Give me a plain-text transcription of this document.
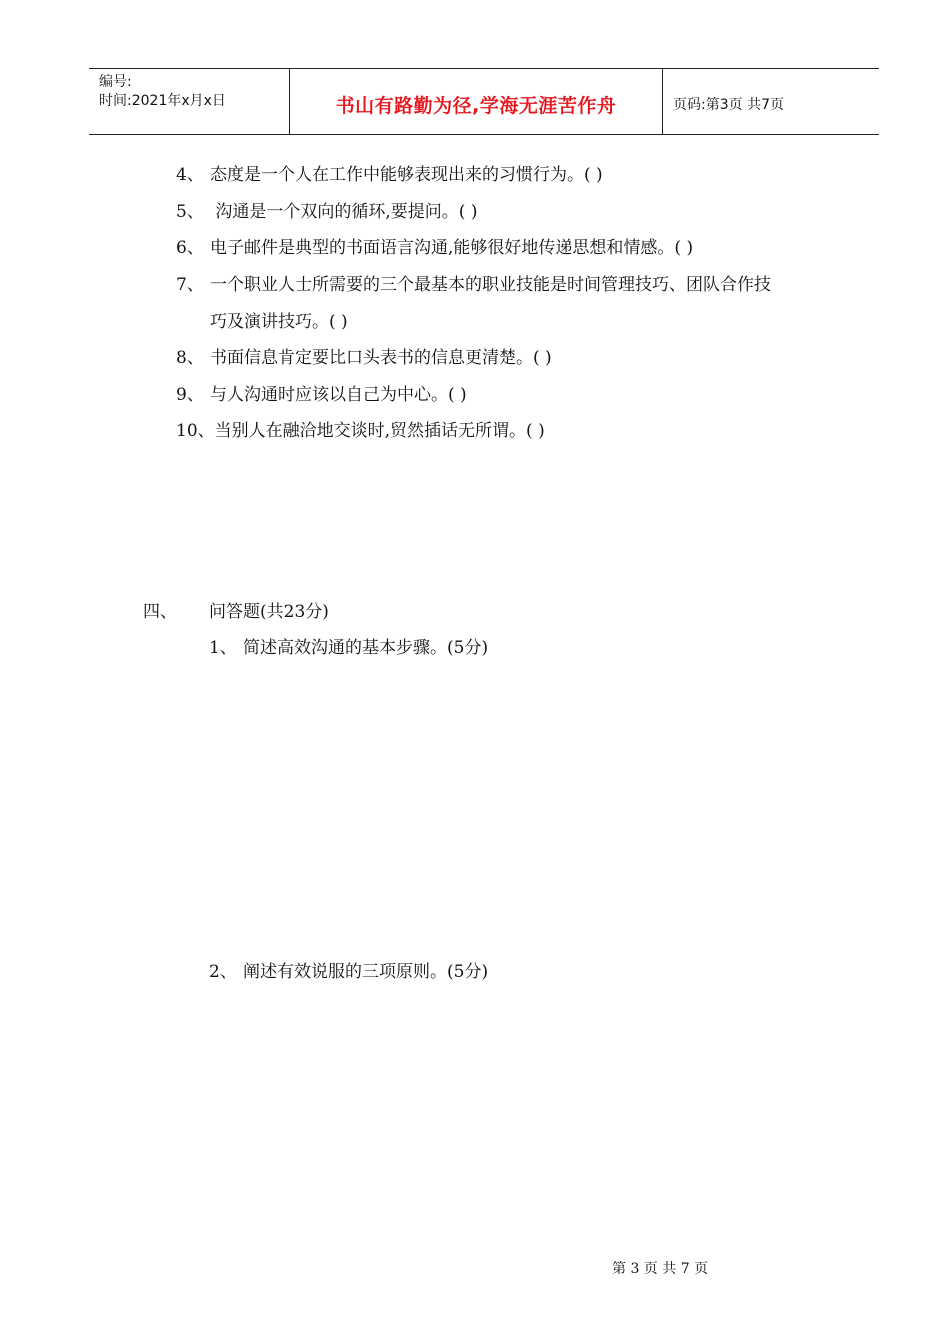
编号:
时间:2021年x月x日	书山有路勤为径,学海无涯苦作舟	页码:第3页 共7页
4、 态度是一个人在工作中能够表现出来的习惯行为。( )
5、 沟通是一个双向的循环,要提问。( )
6、 电子邮件是典型的书面语言沟通,能够很好地传递思想和情感。( )
7、 一个职业人士所需要的三个最基本的职业技能是时间管理技巧、团队合作技
巧及演讲技巧。( )
8、 书面信息肯定要比口头表书的信息更清楚。( )
9、 与人沟通时应该以自己为中心。( )
10、当别人在融洽地交谈时,贸然插话无所谓。( )
四、 问答题(共23分)
1、 简述高效沟通的基本步骤。(5分)
2、 阐述有效说服的三项原则。(5分)
第 3 页 共 7 页
